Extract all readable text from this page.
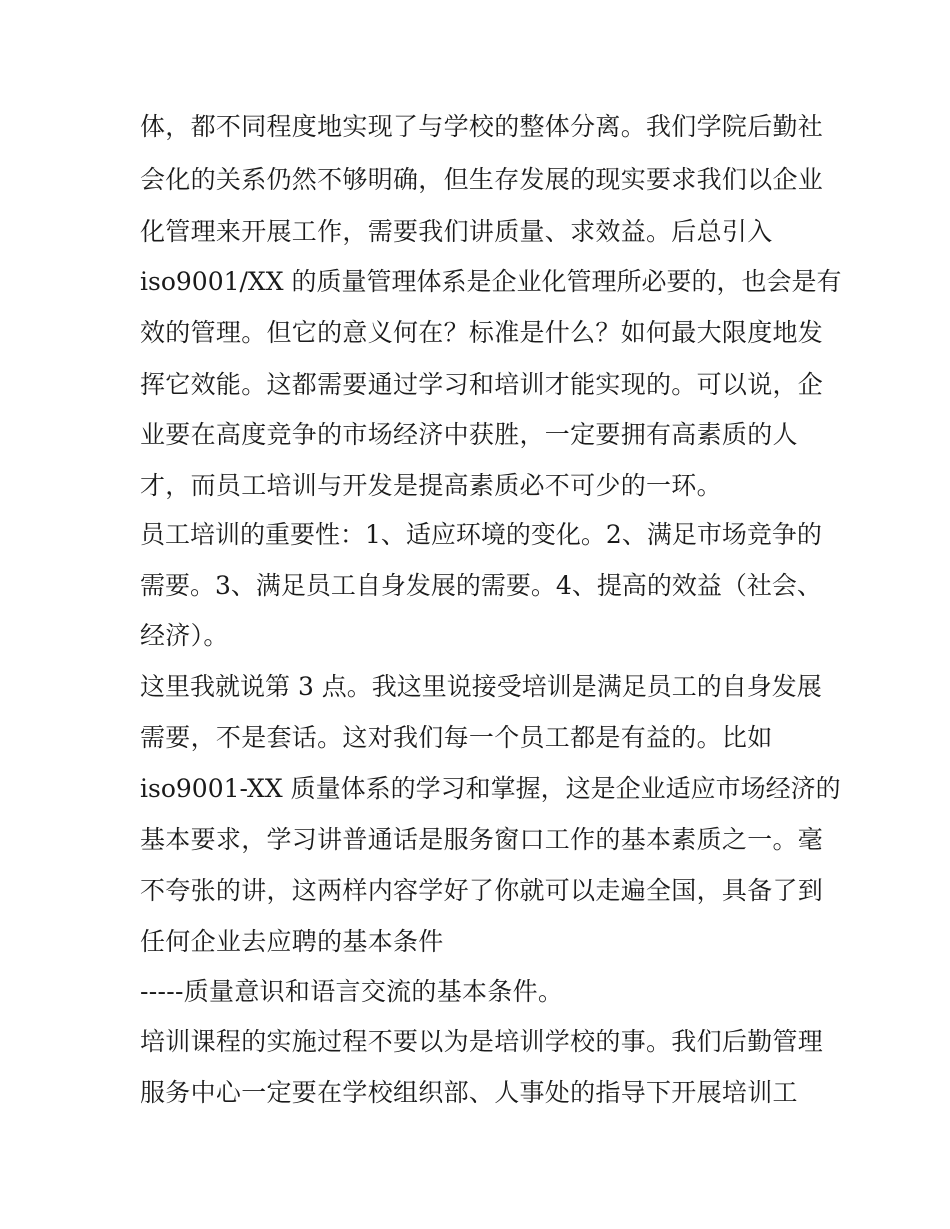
体，都不同程度地实现了与学校的整体分离。我们学院后勤社
会化的关系仍然不够明确，但生存发展的现实要求我们以企业
化管理来开展工作，需要我们讲质量、求效益。后总引入
iso9001/XX 的质量管理体系是企业化管理所必要的，也会是有
效的管理。但它的意义何在？标准是什么？如何最大限度地发
挥它效能。这都需要通过学习和培训才能实现的。可以说，企
业要在高度竞争的市场经济中获胜，一定要拥有高素质的人
才，而员工培训与开发是提高素质必不可少的一环。
员工培训的重要性：1、适应环境的变化。2、满足市场竞争的
需要。3、满足员工自身发展的需要。4、提高的效益（社会、
经济）。
这里我就说第 3 点。我这里说接受培训是满足员工的自身发展
需要，不是套话。这对我们每一个员工都是有益的。比如
iso9001-XX 质量体系的学习和掌握，这是企业适应市场经济的
基本要求，学习讲普通话是服务窗口工作的基本素质之一。毫
不夸张的讲，这两样内容学好了你就可以走遍全国，具备了到
任何企业去应聘的基本条件
-----质量意识和语言交流的基本条件。
培训课程的实施过程不要以为是培训学校的事。我们后勤管理
服务中心一定要在学校组织部、人事处的指导下开展培训工
